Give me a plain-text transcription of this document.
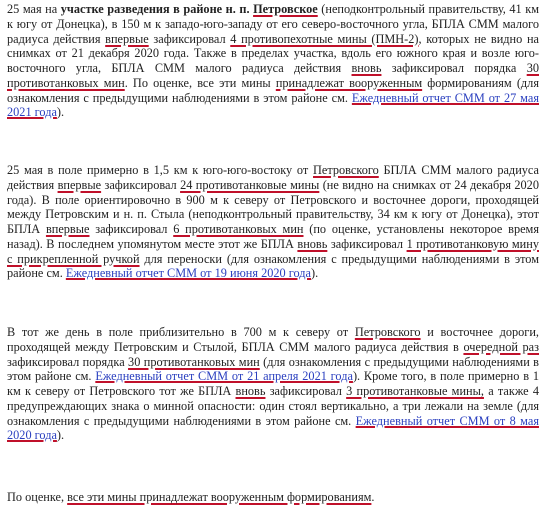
25 мая на участке разведения в районе н. п. Петровское (неподконтрольный правительству, 41 км к югу от Донецка), в 150 м к западо-юго-западу от его северо-восточного угла, БПЛА СММ малого радиуса действия впервые зафиксировал 4 противопехотные мины (ПМН-2), которых не видно на снимках от 21 декабря 2020 года. Также в пределах участка, вдоль его южного края и возле юго-восточного угла, БПЛА СММ малого радиуса действия вновь зафиксировал порядка 30 противотанковых мин. По оценке, все эти мины принадлежат вооруженным формированиям (для ознакомления с предыдущими наблюдениями в этом районе см. Ежедневный отчет СММ от 27 мая 2021 года).

25 мая в поле примерно в 1,5 км к юго-юго-востоку от Петровского БПЛА СММ малого радиуса действия впервые зафиксировал 24 противотанковые мины (не видно на снимках от 24 декабря 2020 года). В поле ориентировочно в 900 м к северу от Петровского и восточнее дороги, проходящей между Петровским и н. п. Стыла (неподконтрольный правительству, 34 км к югу от Донецка), этот БПЛА впервые зафиксировал 6 противотанковых мин (по оценке, установлены некоторое время назад). В последнем упомянутом месте этот же БПЛА вновь зафиксировал 1 противотанковую мину с прикрепленной ручкой для переноски (для ознакомления с предыдущими наблюдениями в этом районе см. Ежедневный отчет СММ от 19 июня 2020 года).

В тот же день в поле приблизительно в 700 м к северу от Петровского и восточнее дороги, проходящей между Петровским и Стылой, БПЛА СММ малого радиуса действия в очередной раз зафиксировал порядка 30 противотанковых мин (для ознакомления с предыдущими наблюдениями в этом районе см. Ежедневный отчет СММ от 21 апреля 2021 года). Кроме того, в поле примерно в 1 км к северу от Петровского тот же БПЛА вновь зафиксировал 3 противотанковые мины, а также 4 предупреждающих знака о минной опасности: один стоял вертикально, а три лежали на земле (для ознакомления с предыдущими наблюдениями в этом районе см. Ежедневный отчет СММ от 8 мая 2020 года).

По оценке, все эти мины принадлежат вооруженным формированиям.
